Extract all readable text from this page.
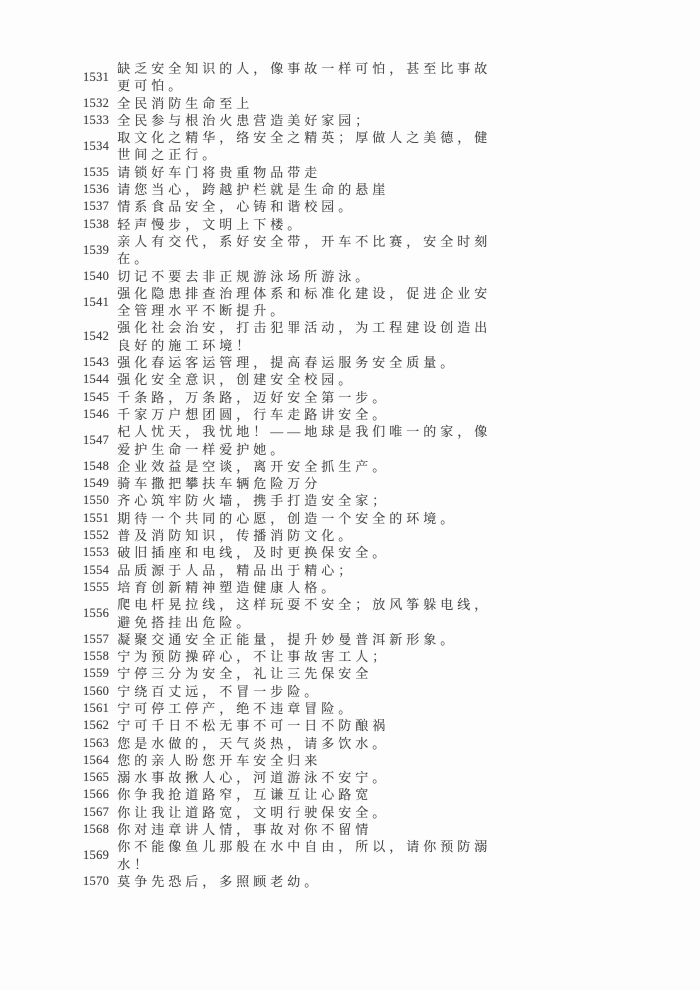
1531
缺乏安全知识的人，像事故一样可怕，甚至比事故更可怕。
1532 全民消防生命至上
1533 全民参与根治火患营造美好家园；
1534
取文化之精华，络安全之精英；厚做人之美德，健世间之正行。
1535 请锁好车门将贵重物品带走
1536 请您当心，跨越护栏就是生命的悬崖
1537 情系食品安全，心铸和谐校园。
1538 轻声慢步，文明上下楼。
1539
亲人有交代，系好安全带，开车不比赛，安全时刻在。
1540 切记不要去非正规游泳场所游泳。
1541
强化隐患排查治理体系和标准化建设，促进企业安全管理水平不断提升。
1542
强化社会治安，打击犯罪活动，为工程建设创造出良好的施工环境！
1543 强化春运客运管理，提高春运服务安全质量。
1544 强化安全意识，创建安全校园。
1545 千条路，万条路，迈好安全第一步。
1546 千家万户想团圆，行车走路讲安全。
1547
杞人忧天，我忧地！——地球是我们唯一的家，像爱护生命一样爱护她。
1548 企业效益是空谈，离开安全抓生产。
1549 骑车撒把攀扶车辆危险万分
1550 齐心筑牢防火墙，携手打造安全家；
1551 期待一个共同的心愿，创造一个安全的环境。
1552 普及消防知识，传播消防文化。
1553 破旧插座和电线，及时更换保安全。
1554 品质源于人品，精品出于精心；
1555 培育创新精神塑造健康人格。
1556
爬电杆晃拉线，这样玩耍不安全；放风筝躲电线，避免搭挂出危险。
1557 凝聚交通安全正能量，提升妙曼普洱新形象。
1558 宁为预防操碎心，不让事故害工人；
1559 宁停三分为安全，礼让三先保安全
1560 宁绕百丈远，不冒一步险。
1561 宁可停工停产，绝不违章冒险。
1562 宁可千日不松无事不可一日不防酿祸
1563 您是水做的，天气炎热，请多饮水。
1564 您的亲人盼您开车安全归来
1565 溺水事故揪人心，河道游泳不安宁。
1566 你争我抢道路窄，互谦互让心路宽
1567 你让我让道路宽，文明行驶保安全。
1568 你对违章讲人情，事故对你不留情
1569
你不能像鱼儿那般在水中自由，所以，请你预防溺水！
1570 莫争先恐后，多照顾老幼。
